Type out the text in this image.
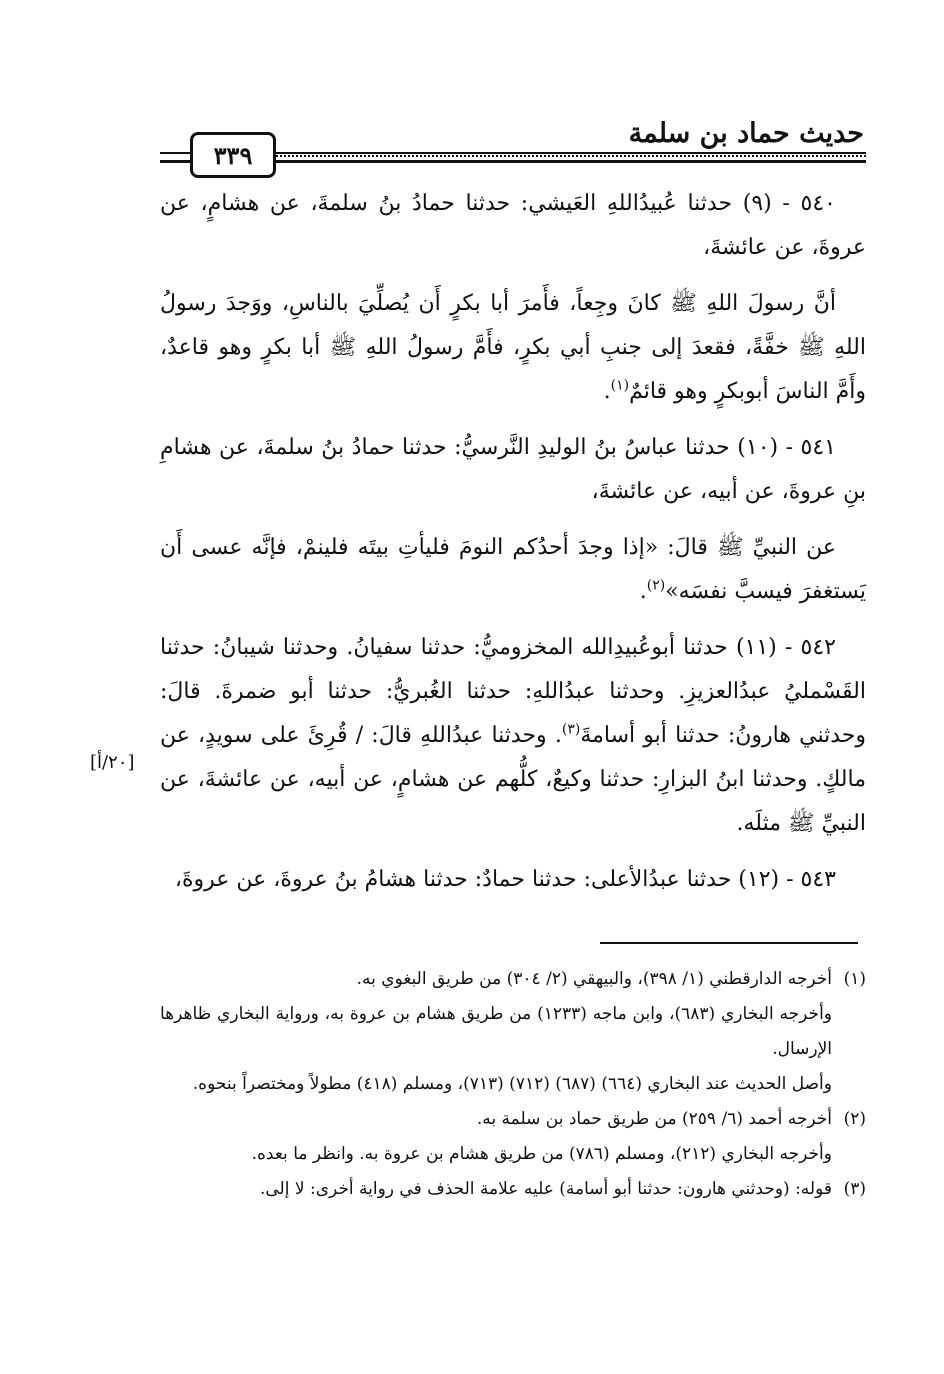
حديث حماد بن سلمة
٣٣٩

٥٤٠ - (٩) حدثنا عُبيدُاللهِ العَيشي: حدثنا حمادُ بنُ سلمةَ، عن هشامٍ، عن عروةَ، عن عائشةَ،

أنَّ رسولَ اللهِ ﷺ كانَ وجِعاً، فأَمرَ أبا بكرٍ أَن يُصلِّيَ بالناسِ، ووَجدَ رسولُ اللهِ ﷺ خفَّةً، فقعدَ إلى جنبِ أبي بكرٍ، فأَمَّ رسولُ اللهِ ﷺ أبا بكرٍ وهو قاعدٌ، وأَمَّ الناسَ أبوبكرٍ وهو قائمٌ$^{(١)}$.

٥٤١ - (١٠) حدثنا عباسُ بنُ الوليدِ النَّرسيُّ: حدثنا حمادُ بنُ سلمةَ، عن هشامِ بنِ عروةَ، عن أبيه، عن عائشةَ،

عن النبيِّ ﷺ قالَ: «إذا وجدَ أحدُكم النومَ فليأتِ بيتَه فلينمْ، فإنَّه عسى أَن يَستغفرَ فيسبَّ نفسَه»$^{(٢)}$.

٥٤٢ - (١١) حدثنا أبوعُبيدِالله المخزوميُّ: حدثنا سفيانُ. وحدثنا شيبانُ: حدثنا القَسْمليُ عبدُالعزيزِ. وحدثنا عبدُاللهِ: حدثنا الغُبريُّ: حدثنا أبو ضمرةَ. قالَ: وحدثني هارونُ: حدثنا أبو أسامةَ$^{(٣)}$. وحدثنا عبدُاللهِ قالَ: / قُرِئَ على سويدٍ، عن مالكٍ. وحدثنا ابنُ البزارِ: حدثنا وكيعٌ، كلُّهم عن هشامٍ، عن أبيه، عن عائشةَ، عن النبيِّ ﷺ مثلَه.

٥٤٣ - (١٢) حدثنا عبدُالأعلى: حدثنا حمادٌ: حدثنا هشامُ بنُ عروةَ، عن عروةَ،

[٢٠/أ]
(١)

أخرجه الدارقطني (١/ ٣٩٨)، والبيهقي (٢/ ٣٠٤) من طريق البغوي به.

وأخرجه البخاري (٦٨٣)، وابن ماجه (١٢٣٣) من طريق هشام بن عروة به، ورواية البخاري ظاهرها الإرسال.

وأصل الحديث عند البخاري (٦٦٤) (٦٨٧) (٧١٢) (٧١٣)، ومسلم (٤١٨) مطولاً ومختصراً بنحوه.

(٢)

أخرجه أحمد (٦/ ٢٥٩) من طريق حماد بن سلمة به.

وأخرجه البخاري (٢١٢)، ومسلم (٧٨٦) من طريق هشام بن عروة به. وانظر ما بعده.

(٣)

قوله: (وحدثني هارون: حدثنا أبو أسامة) عليه علامة الحذف في رواية أخرى: لا إلى.
